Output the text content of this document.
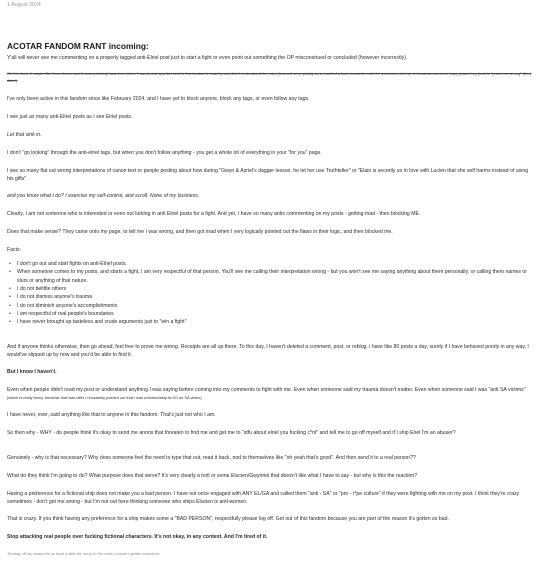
1 August 2024
ACOTAR FANDOM RANT incoming:

Y'all will never see me commenting on a properly tagged anti-Elriel post just to start a fight or even point out something the OP misconstrued or concluded (however incorrectly).

Ok I've done it maybe like three times, and it was probably back from when I was brand spankin new to this fandom's insanity and didn't understand the rules (learned very quickly as a result of a bad encounter with the you know who's), or because someone copy pasted my post to "prove me wrong" (they didn't)

I've only been active in this fandom since like February 2024, and I have yet to block anyone, block any tags, or even follow any tags.

I see just as many anti-Elriel posts as I see Elriel posts.

Let that sink in.

I don't "go looking" through the anti-elriel tags, but when you don't follow anything - you get a whole lot of everything in your "for you" page.

I see so many flat out wrong interpretations of canon text or people posting about how during "Gwyn & Azriel's dagger lesson, he let her use Truthteller" or "Elain is secretly so in love with Lucien that she self harms instead of using his gifts"

and you know what I do? I exercise my self-control, and scroll. None of my business.

Clearly, I am not someone who is interested or even out lurking in anti Elriel posts for a fight. And yet, I have so many antis commenting on my posts - getting mad - then blocking ME.

Does that make sense? They came onto my page, to tell me I was wrong, and then got mad when I very logically pointed out the flaws in their logic, and then blocked me.

Facts:

• I don't go out and start fights on anti-Elriel posts.
• When someone comes to my posts, and starts a fight, I am very respectful of that person. You'll see me calling their interpretation wrong - but you won't see me saying anything about them personally, or calling them names or slurs or anything of that nature.
• I do not belittle others
• I do not dismiss anyone's trauma
• I do not diminish anyone's accomplishments
• I am respectful of real people's boundaries
• I have never brought up tasteless and crude arguments just to "win a fight"

And if anyone thinks otherwise, then go ahead, feel free to prove me wrong. Receipts are all up there. To this day, I haven't deleted a comment, post, or reblog. i have like 80 posts a day, surely if I have behaved poorly in any way, I would've slipped up by now and you'd be able to find it.

But I know I haven't.

Even when people didn't read my post or understand anything I was saying before coming into my comments to fight with me. Even when someone said my trauma doesn't matter. Even when someone said I was "anti SA victims" (which is really funny, because that was offer I reluctantly pointed out that I was unfortunately ALSO an SA victim)

I have never, ever, said anything like that to anyone in this fandom. That's just not who I am.

So then why - WHY - do people think it's okay to send me anons that threaten to find me and get me to "stfu about elriel you fucking c*nt" and tell me to go off myself and if I ship Eriel I'm an abuser?

Genuinely - why is that necessary? Why does someone feel the need to type that out, read it back, nod to themselves like "oh yeah that's good". And then send it to a real person??

What do they think I'm going to do? What purpose does that serve? It's very clearly a troll or some Elucien/Gwynriel that doesn't like what I have to say - but why is this the reaction?

Having a preference for a fictional ship does not make you a bad person. I have not once engaged with ANY EL/GA and called them "anti - SA" or "pro - r*pe culture" if they were fighting with me on my post. I think they're crazy sometimes - don't get me wrong - but I'm not out here thinking someone who ships Elucien is anti-women.

That is crazy. If you think having any preference for a ship makes some a "BAD PERSON", respectfully please log off. Get out of this fandom because you are part of the reason it's gotten so bad.

Stop attacking real people over fucking fictional characters. It's not okay, in any context. And I'm tired of it.

Turning off my anons for at least a little bit, sorry to the ones I haven't gotten around to.
